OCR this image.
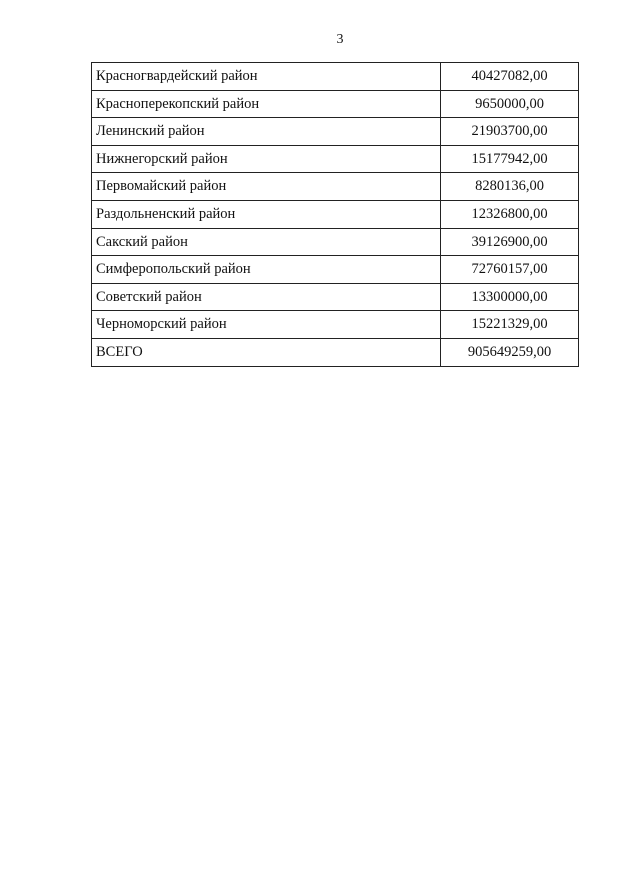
3
Красногвардейский район	40427082,00
Красноперекопский район	9650000,00
Ленинский район	21903700,00
Нижнегорский район	15177942,00
Первомайский район	8280136,00
Раздольненский район	12326800,00
Сакский район	39126900,00
Симферопольский район	72760157,00
Советский район	13300000,00
Черноморский район	15221329,00
ВСЕГО	905649259,00
